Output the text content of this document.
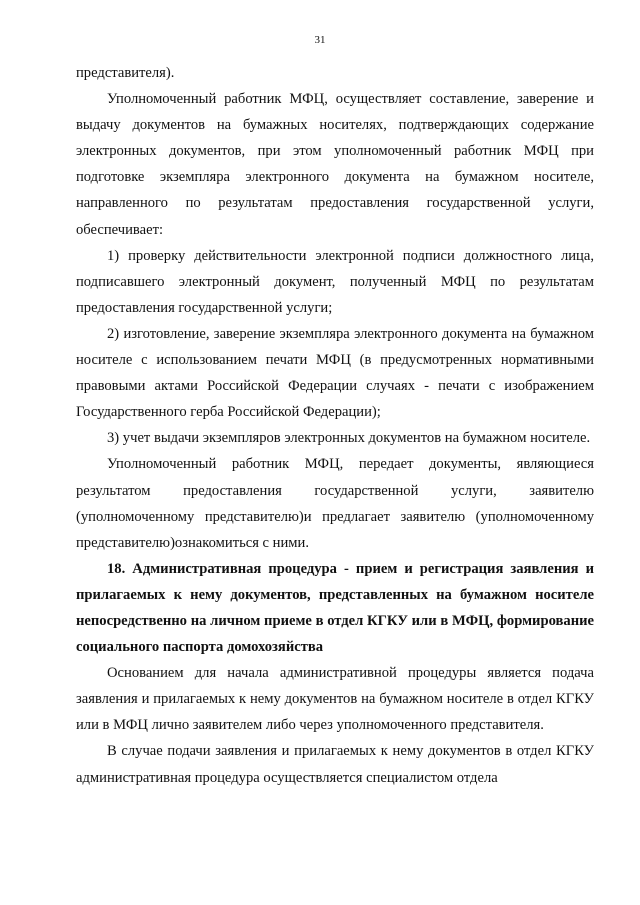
31

представителя).

Уполномоченный работник МФЦ, осуществляет составление, заверение и выдачу документов на бумажных носителях, подтверждающих содержание электронных документов, при этом уполномоченный работник МФЦ при подготовке экземпляра электронного документа на бумажном носителе, направленного по результатам предоставления государственной услуги, обеспечивает:

1) проверку действительности электронной подписи должностного лица, подписавшего электронный документ, полученный МФЦ по результатам предоставления государственной услуги;

2) изготовление, заверение экземпляра электронного документа на бумажном носителе с использованием печати МФЦ (в предусмотренных нормативными правовыми актами Российской Федерации случаях - печати с изображением Государственного герба Российской Федерации);

3) учет выдачи экземпляров электронных документов на бумажном носителе.

Уполномоченный работник МФЦ, передает документы, являющиеся результатом предоставления государственной услуги, заявителю (уполномоченному представителю)и предлагает заявителю (уполномоченному представителю)ознакомиться с ними.

18. Административная процедура - прием и регистрация заявления и прилагаемых к нему документов, представленных на бумажном носителе непосредственно на личном приеме в отдел КГКУ или в МФЦ, формирование социального паспорта домохозяйства

Основанием для начала административной процедуры является подача заявления и прилагаемых к нему документов на бумажном носителе в отдел КГКУ или в МФЦ лично заявителем либо через уполномоченного представителя.

В случае подачи заявления и прилагаемых к нему документов в отдел КГКУ административная процедура осуществляется специалистом отдела
